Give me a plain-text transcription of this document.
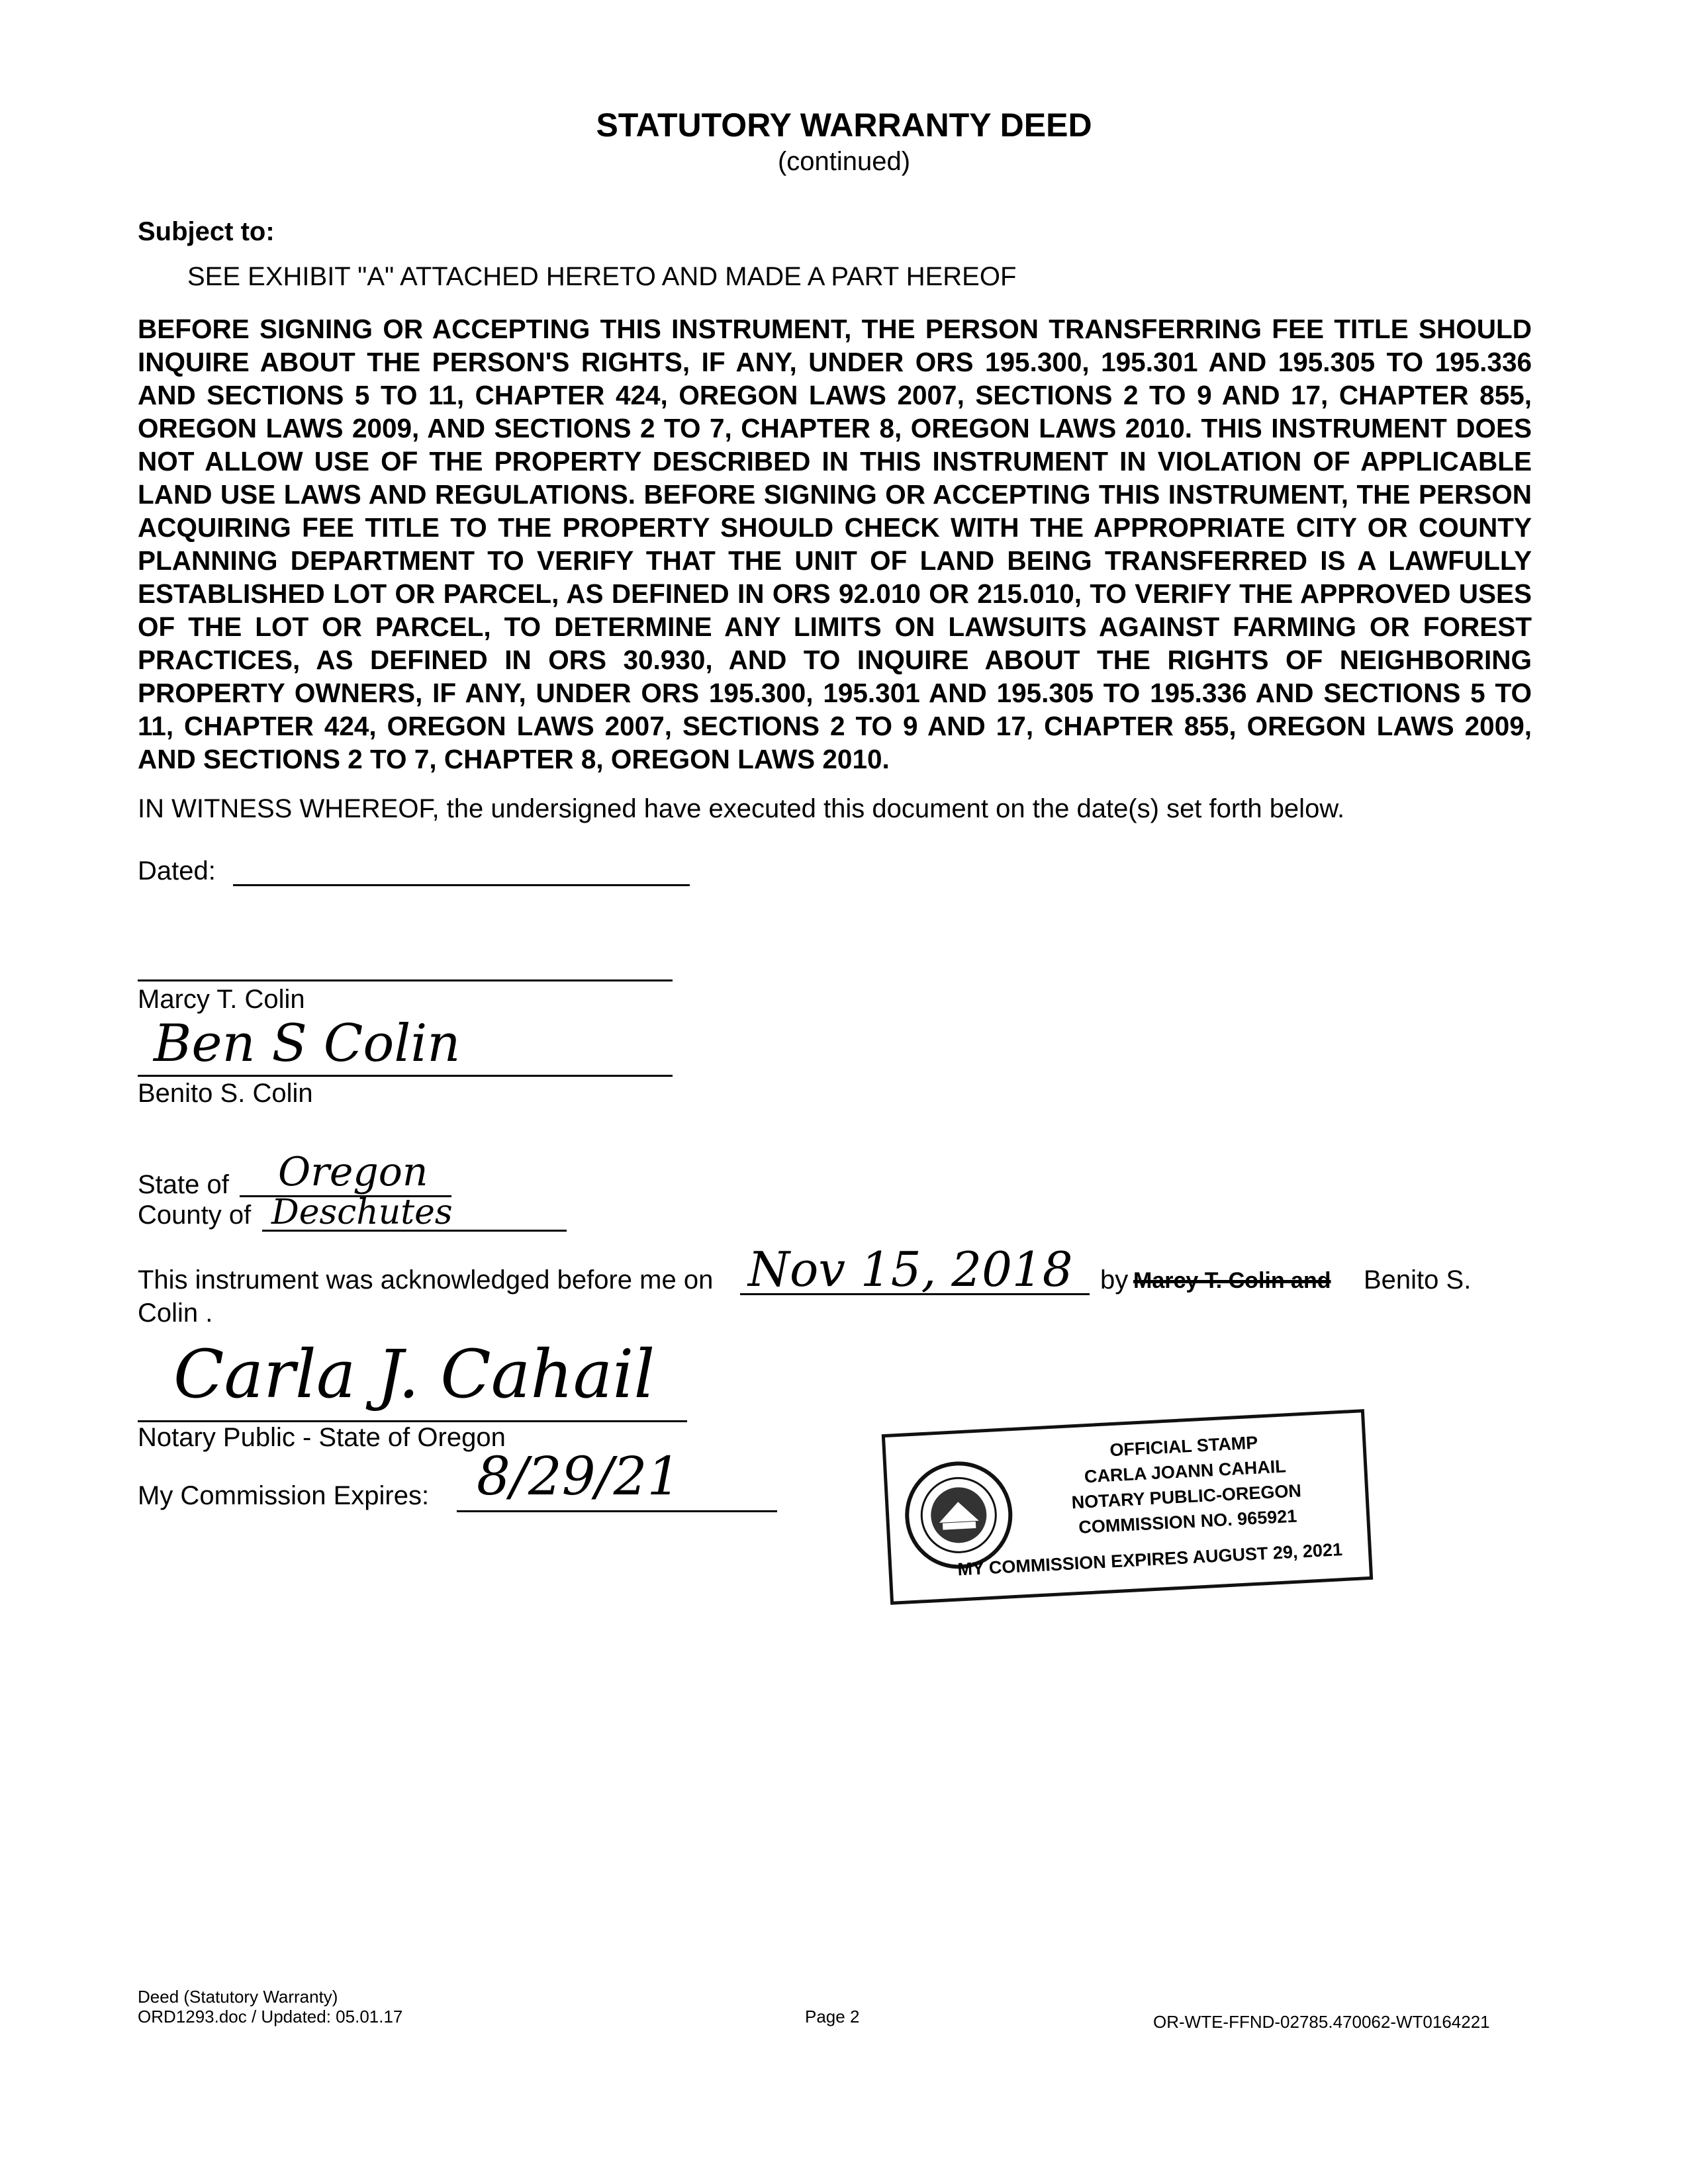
STATUTORY WARRANTY DEED
(continued)
Subject to:
SEE EXHIBIT "A" ATTACHED HERETO AND MADE A PART HEREOF

BEFORE SIGNING OR ACCEPTING THIS INSTRUMENT, THE PERSON TRANSFERRING FEE TITLE SHOULD INQUIRE ABOUT THE PERSON'S RIGHTS, IF ANY, UNDER ORS 195.300, 195.301 AND 195.305 TO 195.336 AND SECTIONS 5 TO 11, CHAPTER 424, OREGON LAWS 2007, SECTIONS 2 TO 9 AND 17, CHAPTER 855, OREGON LAWS 2009, AND SECTIONS 2 TO 7, CHAPTER 8, OREGON LAWS 2010. THIS INSTRUMENT DOES NOT ALLOW USE OF THE PROPERTY DESCRIBED IN THIS INSTRUMENT IN VIOLATION OF APPLICABLE LAND USE LAWS AND REGULATIONS. BEFORE SIGNING OR ACCEPTING THIS INSTRUMENT, THE PERSON ACQUIRING FEE TITLE TO THE PROPERTY SHOULD CHECK WITH THE APPROPRIATE CITY OR COUNTY PLANNING DEPARTMENT TO VERIFY THAT THE UNIT OF LAND BEING TRANSFERRED IS A LAWFULLY ESTABLISHED LOT OR PARCEL, AS DEFINED IN ORS 92.010 OR 215.010, TO VERIFY THE APPROVED USES OF THE LOT OR PARCEL, TO DETERMINE ANY LIMITS ON LAWSUITS AGAINST FARMING OR FOREST PRACTICES, AS DEFINED IN ORS 30.930, AND TO INQUIRE ABOUT THE RIGHTS OF NEIGHBORING PROPERTY OWNERS, IF ANY, UNDER ORS 195.300, 195.301 AND 195.305 TO 195.336 AND SECTIONS 5 TO 11, CHAPTER 424, OREGON LAWS 2007, SECTIONS 2 TO 9 AND 17, CHAPTER 855, OREGON LAWS 2009, AND SECTIONS 2 TO 7, CHAPTER 8, OREGON LAWS 2010.

IN WITNESS WHEREOF, the undersigned have executed this document on the date(s) set forth below.
Dated:
Marcy T. Colin
Ben S Colin
Benito S. Colin
State of Oregon
County of Deschutes
This instrument was acknowledged before me on Nov 15, 2018 by Marcy T. Colin and Benito S.
Colin .
Carla J. Cahail
Notary Public - State of Oregon
My Commission Expires: 8/29/21	OFFICIAL STAMP
CARLA JOANN CAHAIL
NOTARY PUBLIC-OREGON
COMMISSION NO. 965921
MY COMMISSION EXPIRES AUGUST 29, 2021
Deed (Statutory Warranty)
ORD1293.doc / Updated: 05.01.17	Page 2	OR-WTE-FFND-02785.470062-WT0164221
